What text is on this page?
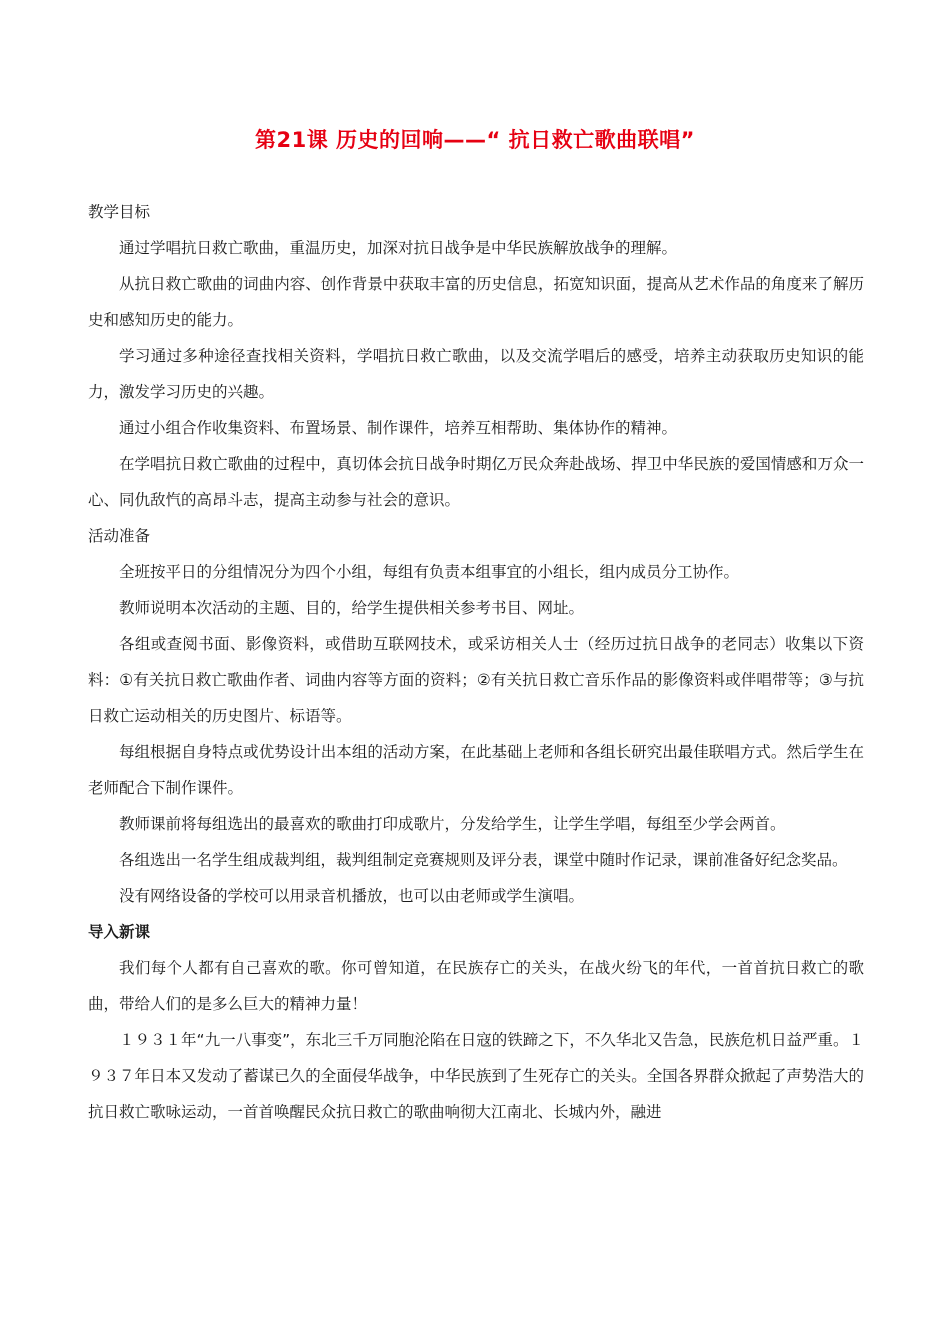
第21课 历史的回响——“ 抗日救亡歌曲联唱”
教学目标

通过学唱抗日救亡歌曲，重温历史，加深对抗日战争是中华民族解放战争的理解。

从抗日救亡歌曲的词曲内容、创作背景中获取丰富的历史信息，拓宽知识面，提高从艺术作品的角度来了解历史和感知历史的能力。

学习通过多种途径查找相关资料，学唱抗日救亡歌曲，以及交流学唱后的感受，培养主动获取历史知识的能力，激发学习历史的兴趣。

通过小组合作收集资料、布置场景、制作课件，培养互相帮助、集体协作的精神。

在学唱抗日救亡歌曲的过程中，真切体会抗日战争时期亿万民众奔赴战场、捍卫中华民族的爱国情感和万众一心、同仇敌忾的高昂斗志，提高主动参与社会的意识。

活动准备

全班按平日的分组情况分为四个小组，每组有负责本组事宜的小组长，组内成员分工协作。

教师说明本次活动的主题、目的，给学生提供相关参考书目、网址。

各组或查阅书面、影像资料，或借助互联网技术，或采访相关人士（经历过抗日战争的老同志）收集以下资料：①有关抗日救亡歌曲作者、词曲内容等方面的资料；②有关抗日救亡音乐作品的影像资料或伴唱带等；③与抗日救亡运动相关的历史图片、标语等。

每组根据自身特点或优势设计出本组的活动方案，在此基础上老师和各组长研究出最佳联唱方式。然后学生在老师配合下制作课件。

教师课前将每组选出的最喜欢的歌曲打印成歌片，分发给学生，让学生学唱，每组至少学会两首。

各组选出一名学生组成裁判组，裁判组制定竞赛规则及评分表，课堂中随时作记录，课前准备好纪念奖品。

没有网络设备的学校可以用录音机播放，也可以由老师或学生演唱。

导入新课

我们每个人都有自己喜欢的歌。你可曾知道，在民族存亡的关头，在战火纷飞的年代，一首首抗日救亡的歌曲，带给人们的是多么巨大的精神力量！

１９３１年“九一八事变”，东北三千万同胞沦陷在日寇的铁蹄之下，不久华北又告急，民族危机日益严重。１９３７年日本又发动了蓄谋已久的全面侵华战争，中华民族到了生死存亡的关头。全国各界群众掀起了声势浩大的抗日救亡歌咏运动，一首首唤醒民众抗日救亡的歌曲响彻大江南北、长城内外，融进
